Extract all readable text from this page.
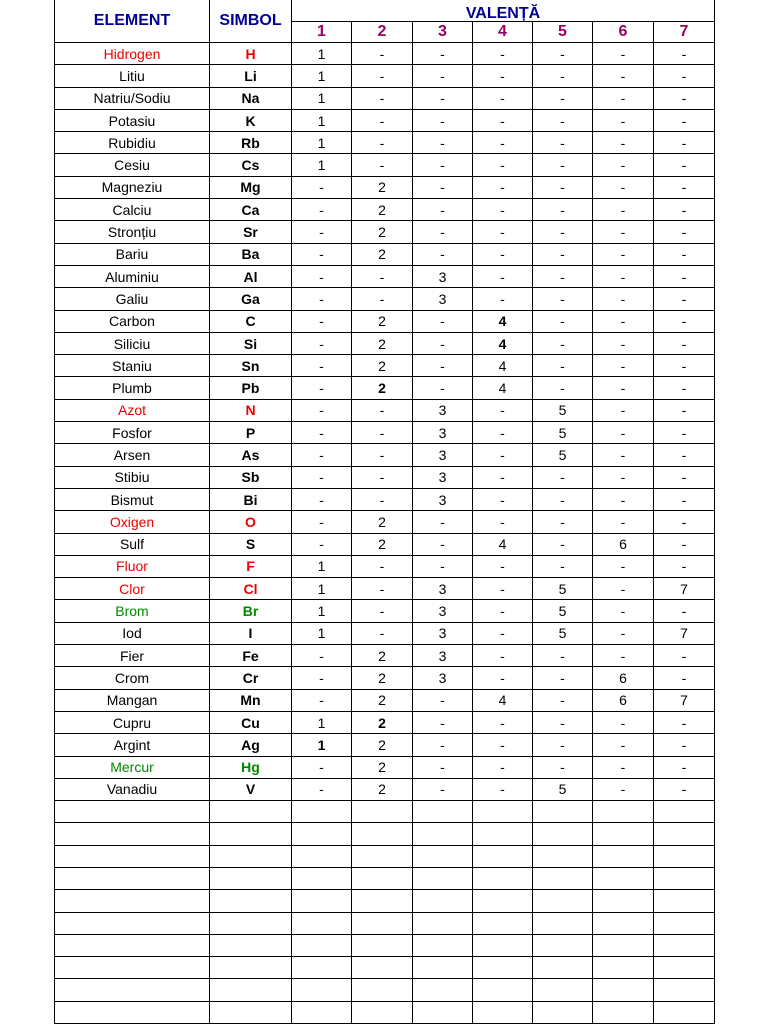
ELEMENT	SIMBOL	VALENȚĂ						
		1	2	3	4	5	6	7
Hidrogen	H	1	-	-	-	-	-	-
Litiu	Li	1	-	-	-	-	-	-
Natriu/Sodiu	Na	1	-	-	-	-	-	-
Potasiu	K	1	-	-	-	-	-	-
Rubidiu	Rb	1	-	-	-	-	-	-
Cesiu	Cs	1	-	-	-	-	-	-
Magneziu	Mg	-	2	-	-	-	-	-
Calciu	Ca	-	2	-	-	-	-	-
Stronțiu	Sr	-	2	-	-	-	-	-
Bariu	Ba	-	2	-	-	-	-	-
Aluminiu	Al	-	-	3	-	-	-	-
Galiu	Ga	-	-	3	-	-	-	-
Carbon	C	-	2	-	4	-	-	-
Siliciu	Si	-	2	-	4	-	-	-
Staniu	Sn	-	2	-	4	-	-	-
Plumb	Pb	-	2	-	4	-	-	-
Azot	N	-	-	3	-	5	-	-
Fosfor	P	-	-	3	-	5	-	-
Arsen	As	-	-	3	-	5	-	-
Stibiu	Sb	-	-	3	-	-	-	-
Bismut	Bi	-	-	3	-	-	-	-
Oxigen	O	-	2	-	-	-	-	-
Sulf	S	-	2	-	4	-	6	-
Fluor	F	1	-	-	-	-	-	-
Clor	Cl	1	-	3	-	5	-	7
Brom	Br	1	-	3	-	5	-	-
Iod	I	1	-	3	-	5	-	7
Fier	Fe	-	2	3	-	-	-	-
Crom	Cr	-	2	3	-	-	6	-
Mangan	Mn	-	2	-	4	-	6	7
Cupru	Cu	1	2	-	-	-	-	-
Argint	Ag	1	2	-	-	-	-	-
Mercur	Hg	-	2	-	-	-	-	-
Vanadiu	V	-	2	-	-	5	-	-
